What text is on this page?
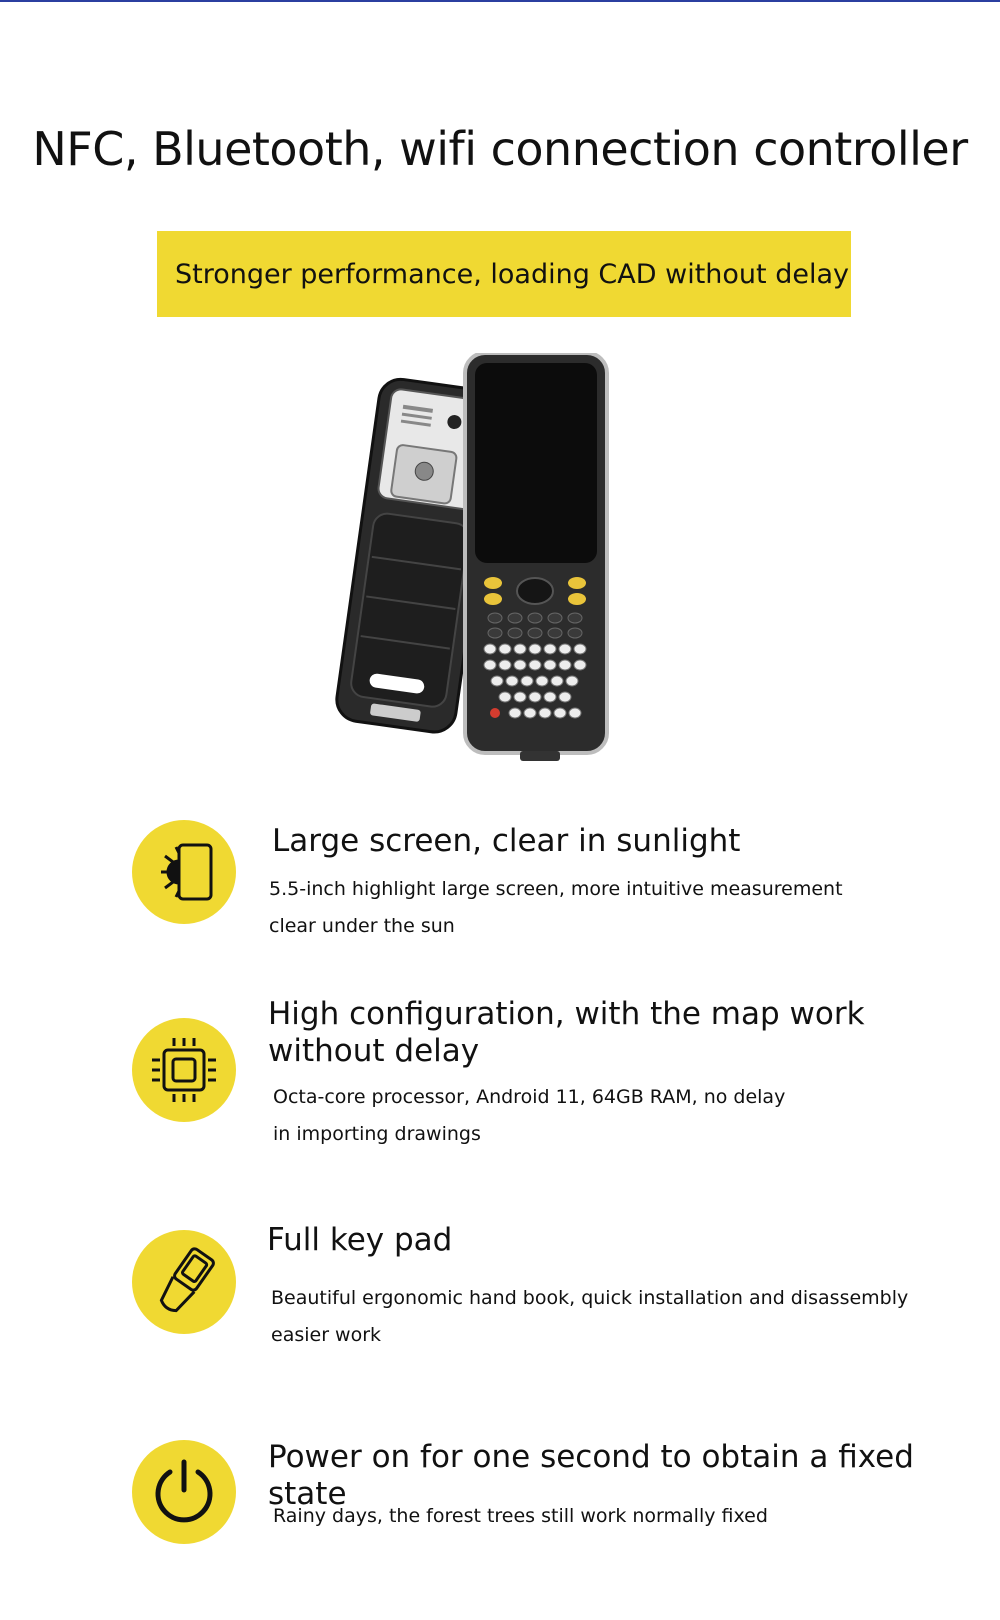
NFC, Bluetooth, wifi connection controller
Stronger performance, loading CAD without delay
Large screen, clear in sunlight

5.5-inch highlight large screen, more intuitive measurement

clear under the sun

High configuration, with the map work
without delay

Octa-core processor, Android 11, 64GB RAM, no delay

in importing drawings

Full key pad

Beautiful ergonomic hand book, quick installation and disassembly

easier work

Power on for one second to obtain a fixed state

Rainy days, the forest trees still work normally fixed
